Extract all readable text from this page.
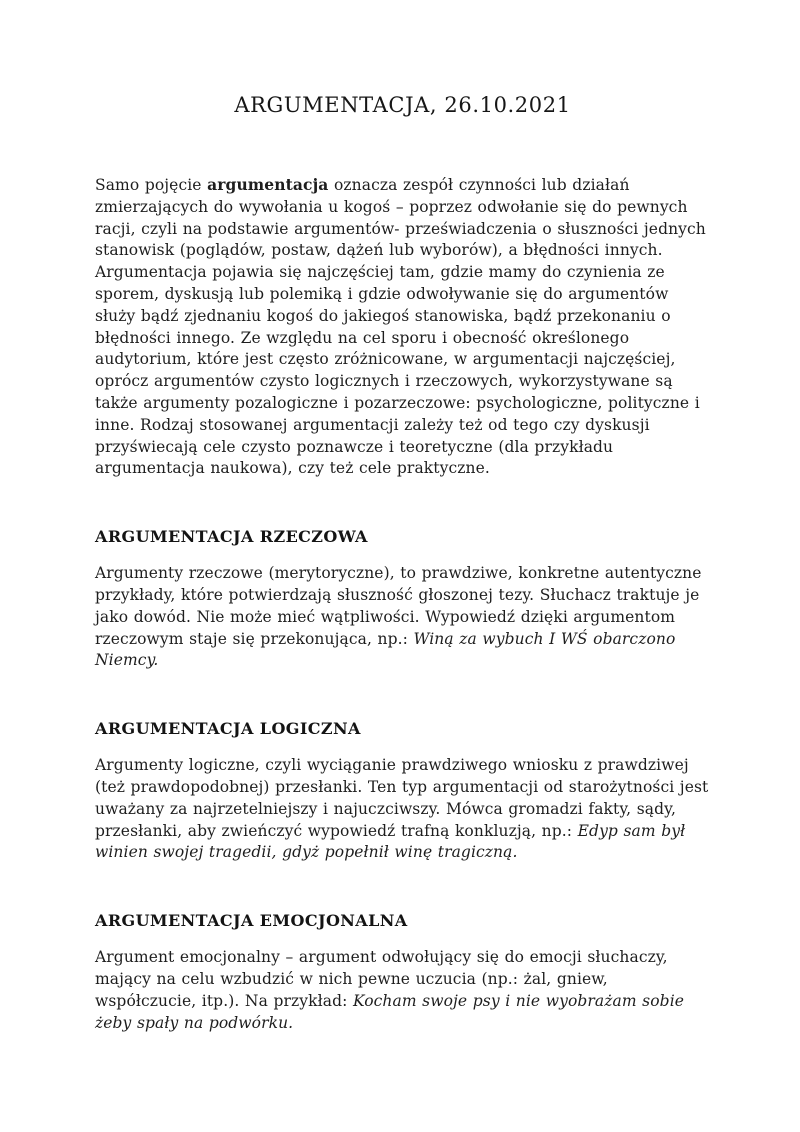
ARGUMENTACJA, 26.10.2021

Samo pojęcie argumentacja oznacza zespół czynności lub działań zmierzających do wywołania u kogoś – poprzez odwołanie się do pewnych racji, czyli na podstawie argumentów- przeświadczenia o słuszności jednych stanowisk (poglądów, postaw, dążeń lub wyborów), a błędności innych. Argumentacja pojawia się najczęściej tam, gdzie mamy do czynienia ze sporem, dyskusją lub polemiką i gdzie odwoływanie się do argumentów służy bądź zjednaniu kogoś do jakiegoś stanowiska, bądź przekonaniu o błędności innego. Ze względu na cel sporu i obecność określonego audytorium, które jest często zróżnicowane, w argumentacji najczęściej, oprócz argumentów czysto logicznych i rzeczowych, wykorzystywane są także argumenty pozalogiczne i pozarzeczowe: psychologiczne, polityczne i inne. Rodzaj stosowanej argumentacji zależy też od tego czy dyskusji przyświecają cele czysto poznawcze i teoretyczne (dla przykładu argumentacja naukowa), czy też cele praktyczne.

ARGUMENTACJA RZECZOWA

Argumenty rzeczowe (merytoryczne), to prawdziwe, konkretne autentyczne przykłady, które potwierdzają słuszność głoszonej tezy. Słuchacz traktuje je jako dowód. Nie może mieć wątpliwości. Wypowiedź dzięki argumentom rzeczowym staje się przekonująca, np.: Winą za wybuch I WŚ obarczono Niemcy.

ARGUMENTACJA LOGICZNA

Argumenty logiczne, czyli wyciąganie prawdziwego wniosku z prawdziwej (też prawdopodobnej) przesłanki. Ten typ argumentacji od starożytności jest uważany za najrzetelniejszy i najuczciwszy. Mówca gromadzi fakty, sądy, przesłanki, aby zwieńczyć wypowiedź trafną konkluzją, np.: Edyp sam był winien swojej tragedii, gdyż popełnił winę tragiczną.

ARGUMENTACJA EMOCJONALNA

Argument emocjonalny – argument odwołujący się do emocji słuchaczy, mający na celu wzbudzić w nich pewne uczucia (np.: żal, gniew, współczucie, itp.). Na przykład: Kocham swoje psy i nie wyobrażam sobie żeby spały na podwórku.
